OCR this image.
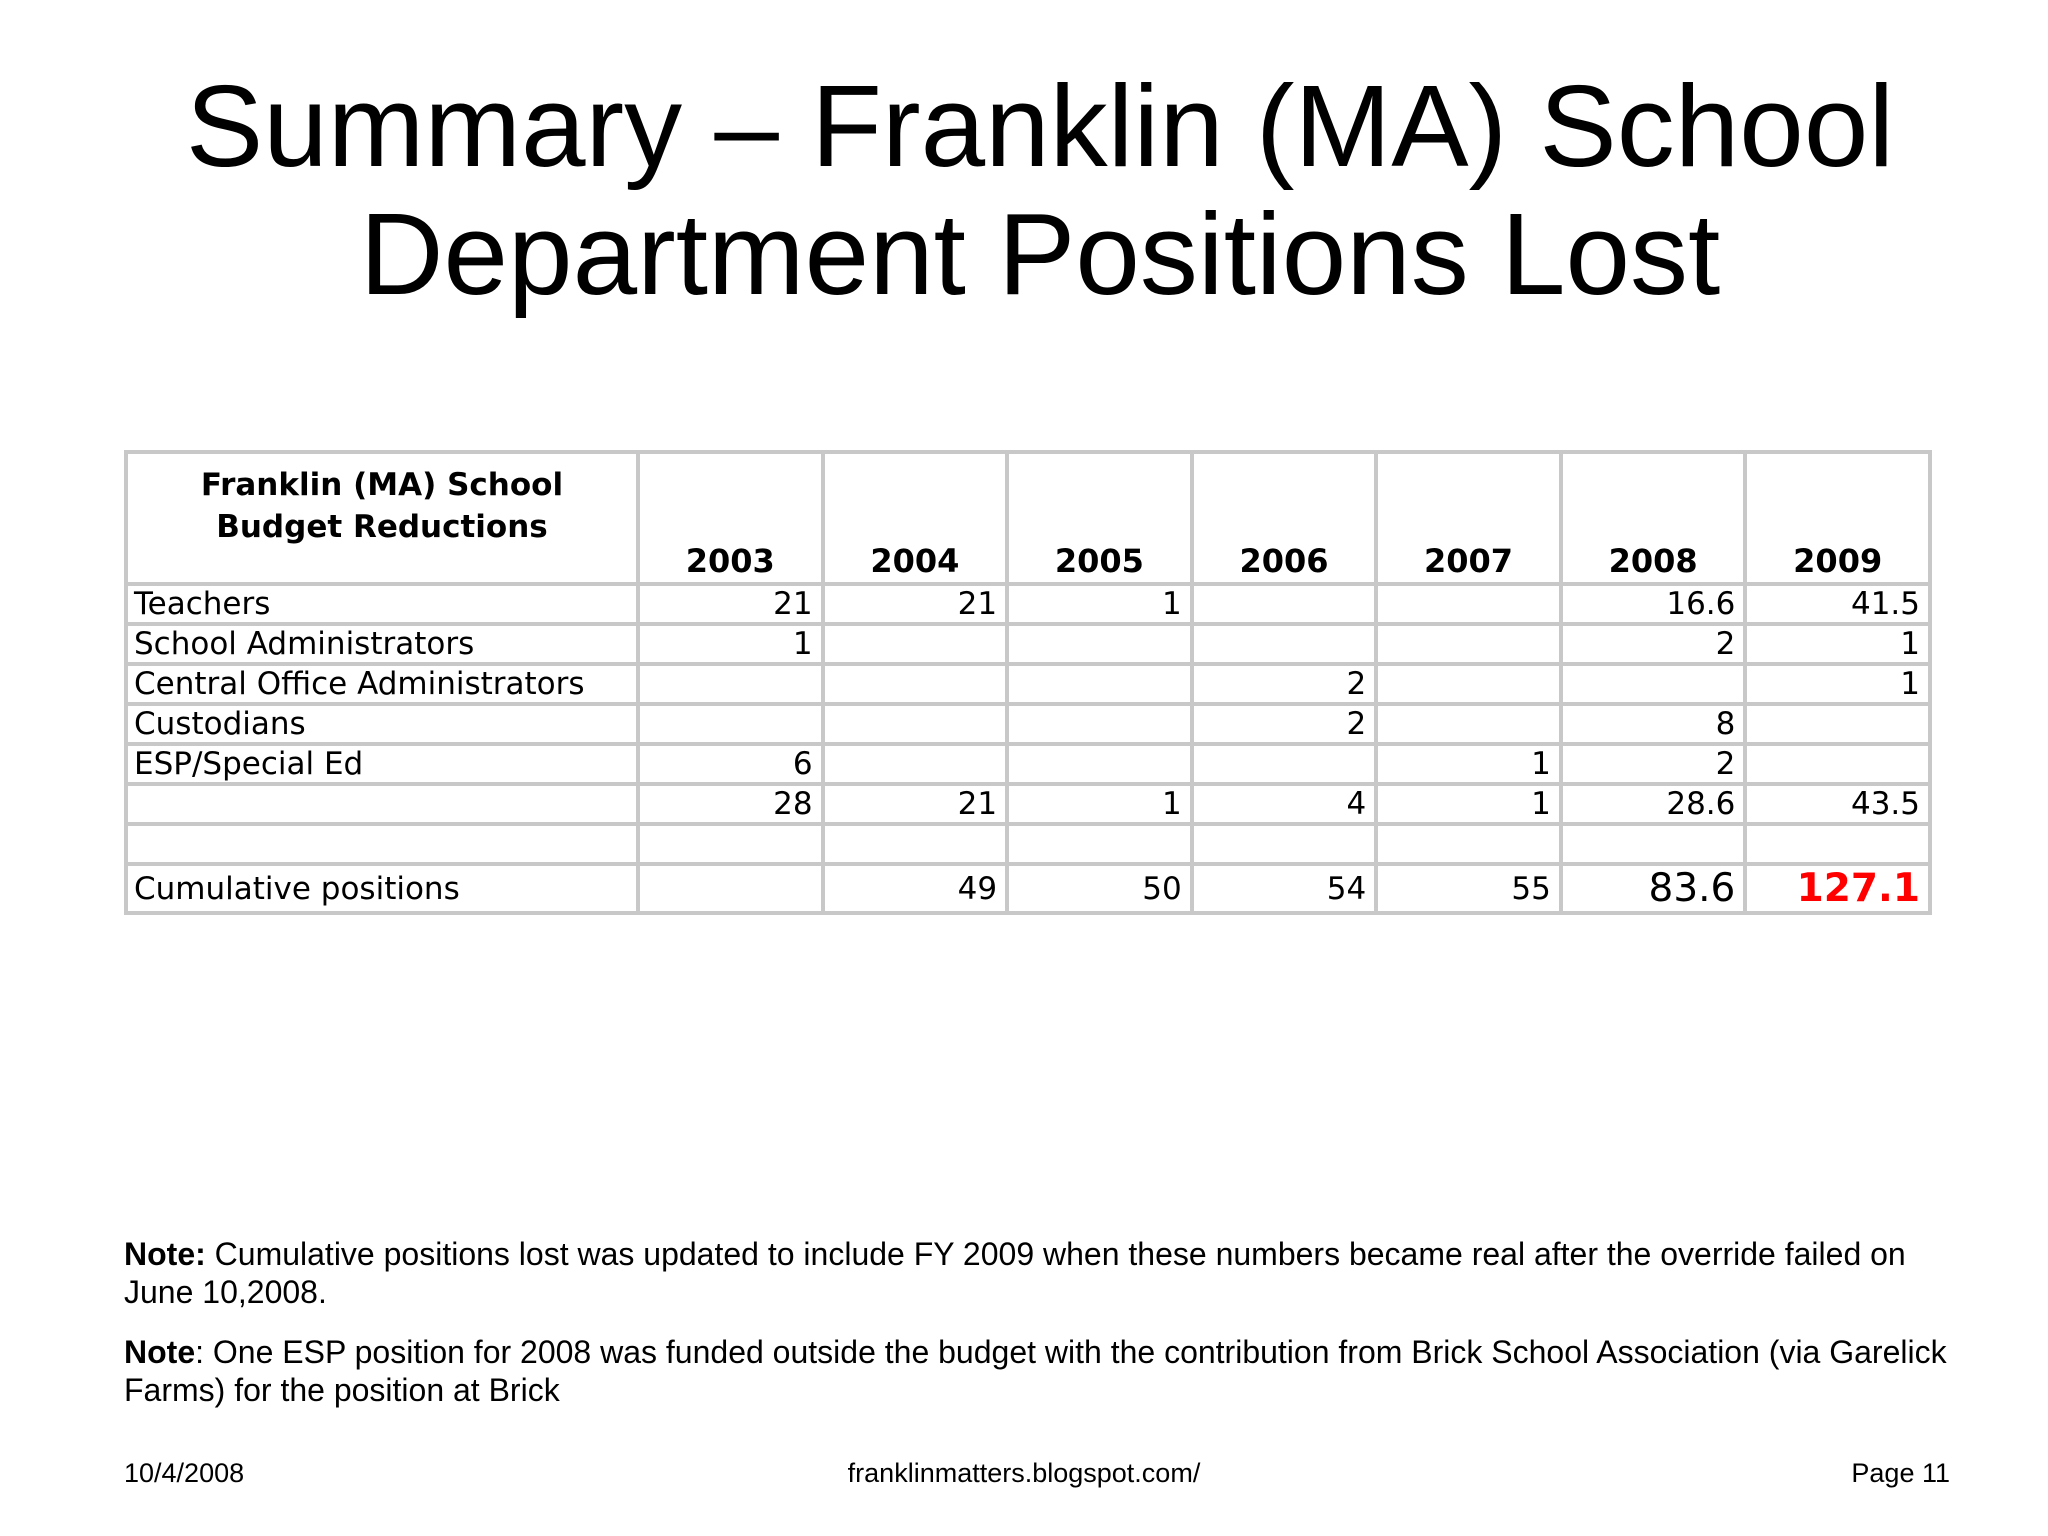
Summary – Franklin (MA) School
Department Positions Lost
Franklin (MA) School
Budget Reductions	2003	2004	2005	2006	2007	2008	2009
Teachers	21	21	1			16.6	41.5
School Administrators	1					2	1
Central Office Administrators				2			1
Custodians				2		8	
ESP/Special Ed	6				1	2	
	28	21	1	4	1	28.6	43.5

Cumulative positions		49	50	54	55	83.6	127.1

Note: Cumulative positions lost was updated to include FY 2009 when these numbers became real after the override failed on June 10,2008.

Note: One ESP position for 2008 was funded outside the budget with the contribution from Brick School Association (via Garelick Farms) for the position at Brick

10/4/2008	franklinmatters.blogspot.com/	Page 11
